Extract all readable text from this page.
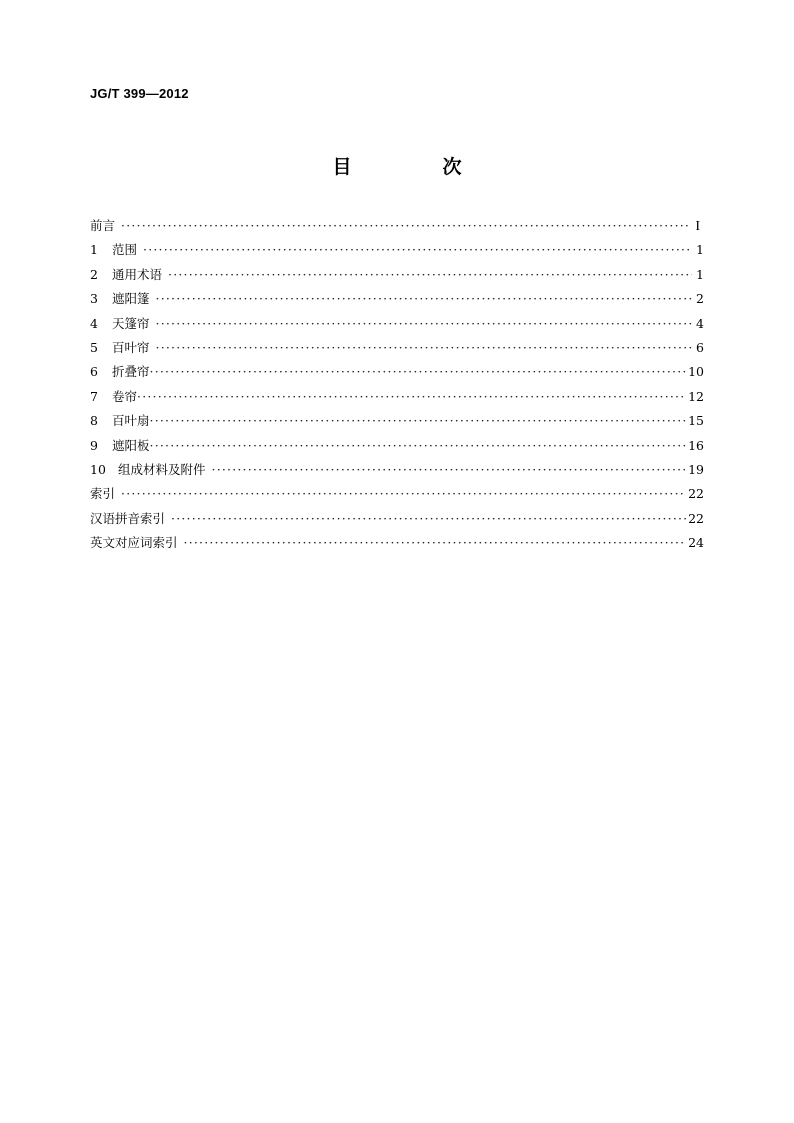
JG/T 399—2012
目　次
前言 ·····	I
1	范围 ·····	1
2	通用术语 ·····	1
3	遮阳篷 ·····	2
4	天篷帘 ·····	4
5	百叶帘 ·····	6
6	折叠帘 ·····	10
7	卷帘 ·····	12
8	百叶扇 ·····	15
9	遮阳板 ·····	16
10 组成材料及附件 ·····	19
索引 ·····	22
汉语拼音索引 ·····	22
英文对应词索引 ·····	24
